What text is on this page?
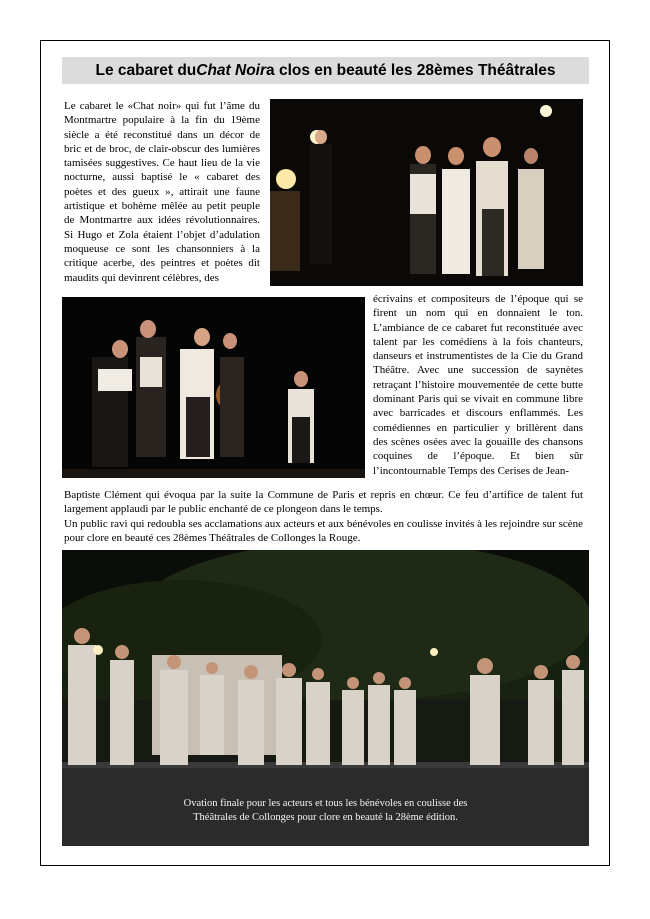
Le cabaret du Chat Noir a clos en beauté les 28èmes Théâtrales
Le cabaret le «Chat noir» qui fut l’âme du Montmartre populaire à la fin du 19ème siècle a été reconstitué dans un décor de bric et de broc, de clair-obscur des lumières tamisées suggestives. Ce haut lieu de la vie nocturne, aussi baptisé le « cabaret des poètes et des gueux », attirait une faune artistique et bohème mêlée au petit peuple de Montmartre aux idées révolutionnaires. Si Hugo et Zola étaient l’objet d’adulation moqueuse ce sont les chansonniers à la critique acerbe, des peintres et poètes dit maudits qui devinrent célèbres, des
écrivains et compositeurs de l’époque qui se firent un nom qui en donnaient le ton. L’ambiance de ce cabaret fut reconstituée avec talent par les comédiens à la fois chanteurs, danseurs et instrumentistes de la Cie du Grand Théâtre. Avec une succession de saynètes retraçant l’histoire mouvementée de cette butte dominant Paris qui se vivait en commune libre avec barricades et discours enflammés. Les comédiennes en particulier y brillèrent dans des scènes osées avec la gouaille des chansons coquines de l’époque. Et bien sûr l’incontournable Temps des Cerises de Jean-
Baptiste Clément qui évoqua par la suite la Commune de Paris et repris en chœur. Ce feu d’artifice de talent fut largement applaudi par le public enchanté de ce plongeon dans le temps.
Un public ravi qui redoubla ses acclamations aux acteurs et aux bénévoles en coulisse invités à les rejoindre sur scène pour clore en beauté ces 28èmes Théâtrales de Collonges la Rouge.
Ovation finale pour les acteurs et tous les bénévoles en coulisse des
Théâtrales de Collonges pour clore en beauté la 28ème édition.
